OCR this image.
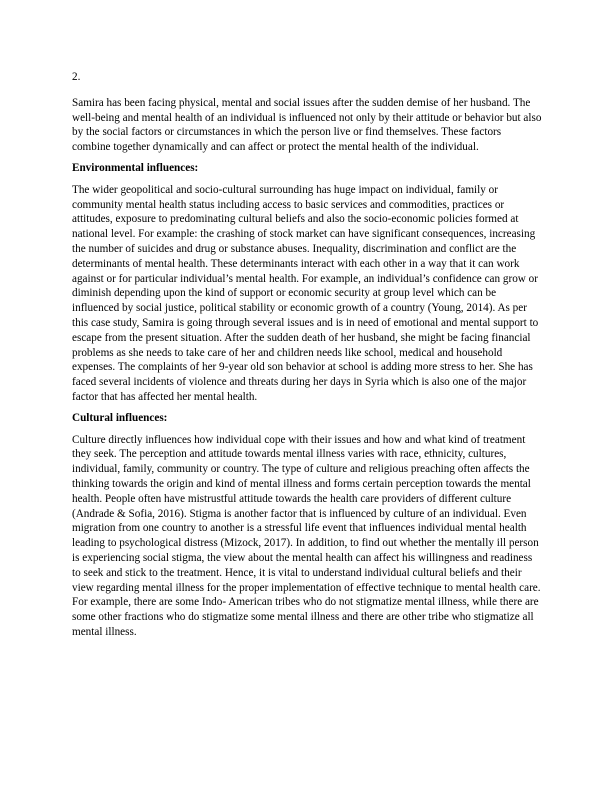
2.

Samira has been facing physical, mental and social issues after the sudden demise of her husband. The well-being and mental health of an individual is influenced not only by their attitude or behavior but also by the social factors or circumstances in which the person live or find themselves. These factors combine together dynamically and can affect or protect the mental health of the individual.

Environmental influences:

The wider geopolitical and socio-cultural surrounding has huge impact on individual, family or community mental health status including access to basic services and commodities, practices or attitudes, exposure to predominating cultural beliefs and also the socio-economic policies formed at national level. For example: the crashing of stock market can have significant consequences, increasing the number of suicides and drug or substance abuses. Inequality, discrimination and conflict are the determinants of mental health. These determinants interact with each other in a way that it can work against or for particular individual’s mental health. For example, an individual’s confidence can grow or diminish depending upon the kind of support or economic security at group level which can be influenced by social justice, political stability or economic growth of a country (Young, 2014). As per this case study, Samira is going through several issues and is in need of emotional and mental support to escape from the present situation. After the sudden death of her husband, she might be facing financial problems as she needs to take care of her and children needs like school, medical and household expenses. The complaints of her 9-year old son behavior at school is adding more stress to her. She has faced several incidents of violence and threats during her days in Syria which is also one of the major factor that has affected her mental health.

Cultural influences:

Culture directly influences how individual cope with their issues and how and what kind of treatment they seek. The perception and attitude towards mental illness varies with race, ethnicity, cultures, individual, family, community or country. The type of culture and religious preaching often affects the thinking towards the origin and kind of mental illness and forms certain perception towards the mental health. People often have mistrustful attitude towards the health care providers of different culture (Andrade & Sofia, 2016). Stigma is another factor that is influenced by culture of an individual. Even migration from one country to another is a stressful life event that influences individual mental health leading to psychological distress (Mizock, 2017). In addition, to find out whether the mentally ill person is experiencing social stigma, the view about the mental health can affect his willingness and readiness to seek and stick to the treatment. Hence, it is vital to understand individual cultural beliefs and their view regarding mental illness for the proper implementation of effective technique to mental health care. For example, there are some Indo- American tribes who do not stigmatize mental illness, while there are some other fractions who do stigmatize some mental illness and there are other tribe who stigmatize all mental illness.
